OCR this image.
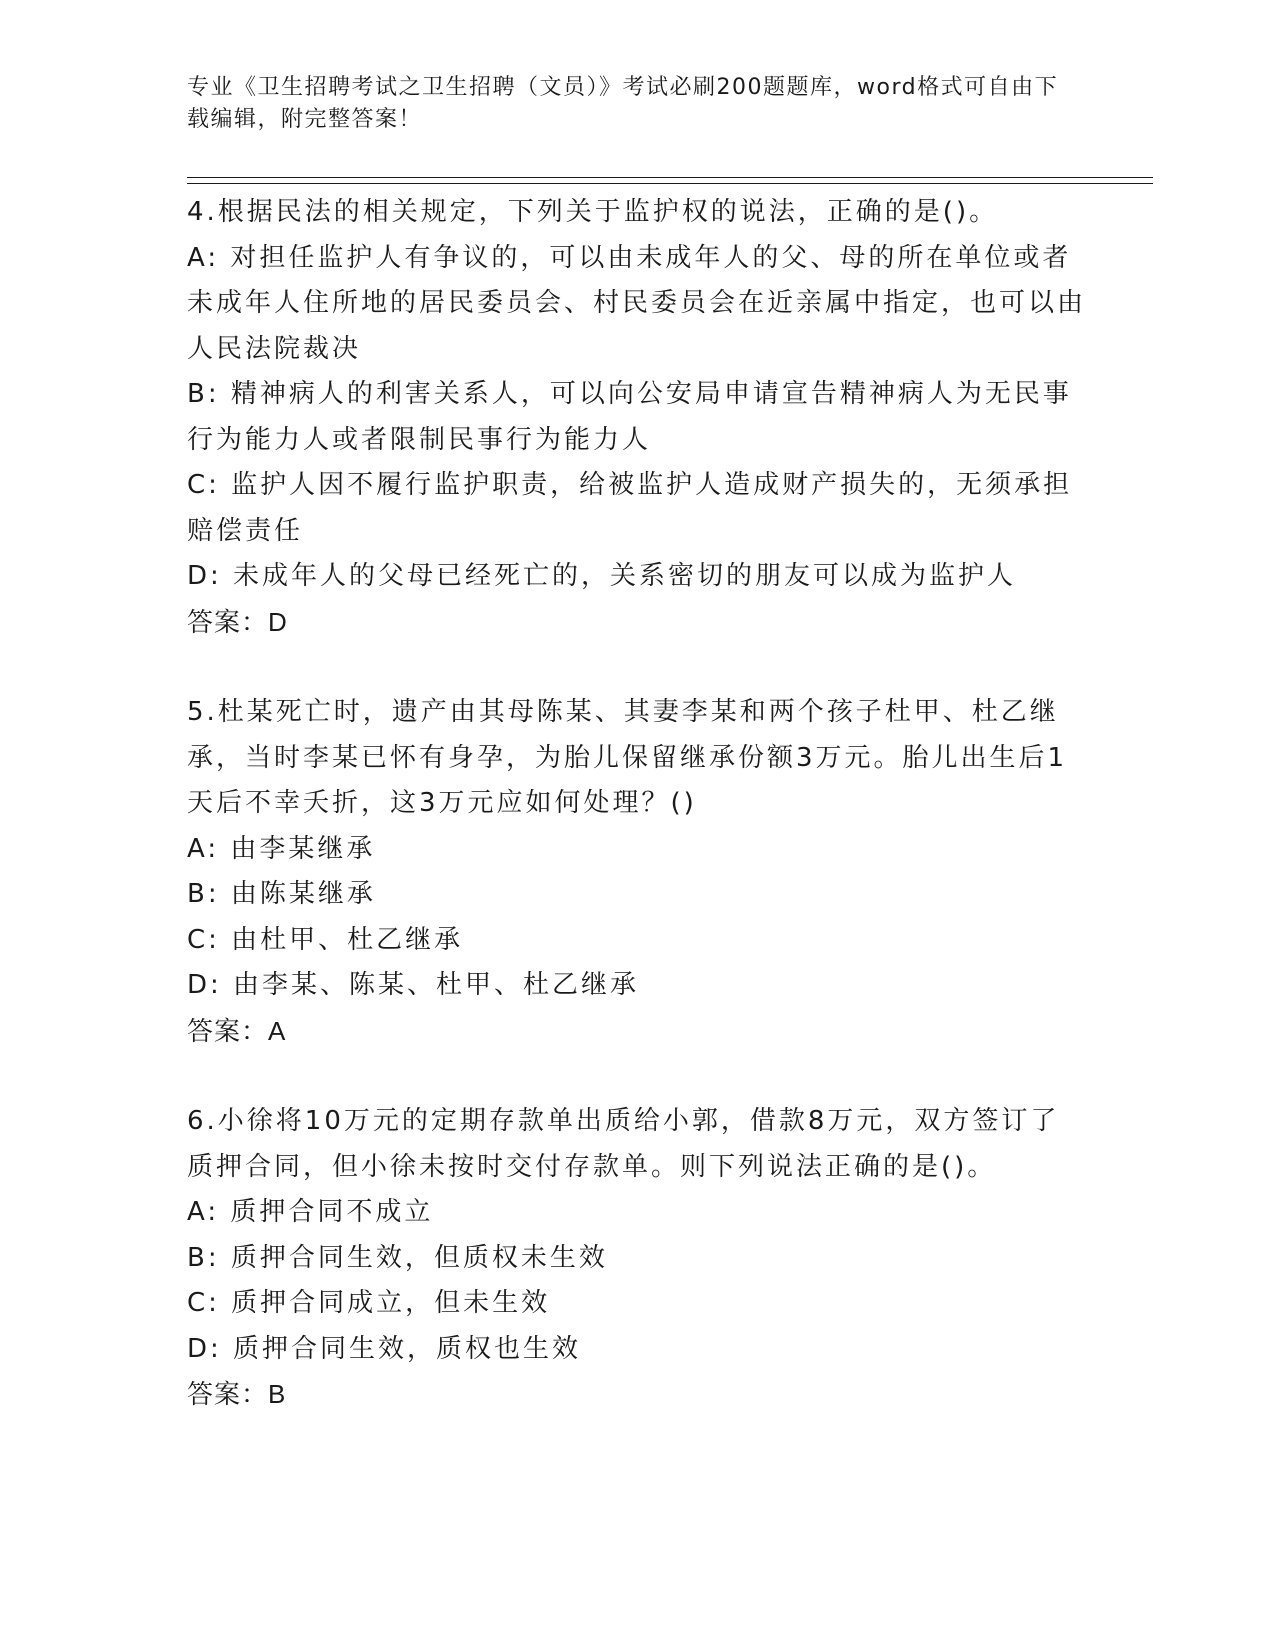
专业《卫生招聘考试之卫生招聘（文员）》考试必刷200题题库，word格式可自由下载编辑，附完整答案！

4.根据民法的相关规定，下列关于监护权的说法，正确的是()。

A: 对担任监护人有争议的，可以由未成年人的父、母的所在单位或者未成年人住所地的居民委员会、村民委员会在近亲属中指定，也可以由人民法院裁决

B: 精神病人的利害关系人，可以向公安局申请宣告精神病人为无民事行为能力人或者限制民事行为能力人

C: 监护人因不履行监护职责，给被监护人造成财产损失的，无须承担赔偿责任

D: 未成年人的父母已经死亡的，关系密切的朋友可以成为监护人

答案：D

5.杜某死亡时，遗产由其母陈某、其妻李某和两个孩子杜甲、杜乙继承，当时李某已怀有身孕，为胎儿保留继承份额3万元。胎儿出生后1天后不幸夭折，这3万元应如何处理？()

A: 由李某继承

B: 由陈某继承

C: 由杜甲、杜乙继承

D: 由李某、陈某、杜甲、杜乙继承

答案：A

6.小徐将10万元的定期存款单出质给小郭，借款8万元，双方签订了质押合同，但小徐未按时交付存款单。则下列说法正确的是()。

A: 质押合同不成立

B: 质押合同生效，但质权未生效

C: 质押合同成立，但未生效

D: 质押合同生效，质权也生效

答案：B
